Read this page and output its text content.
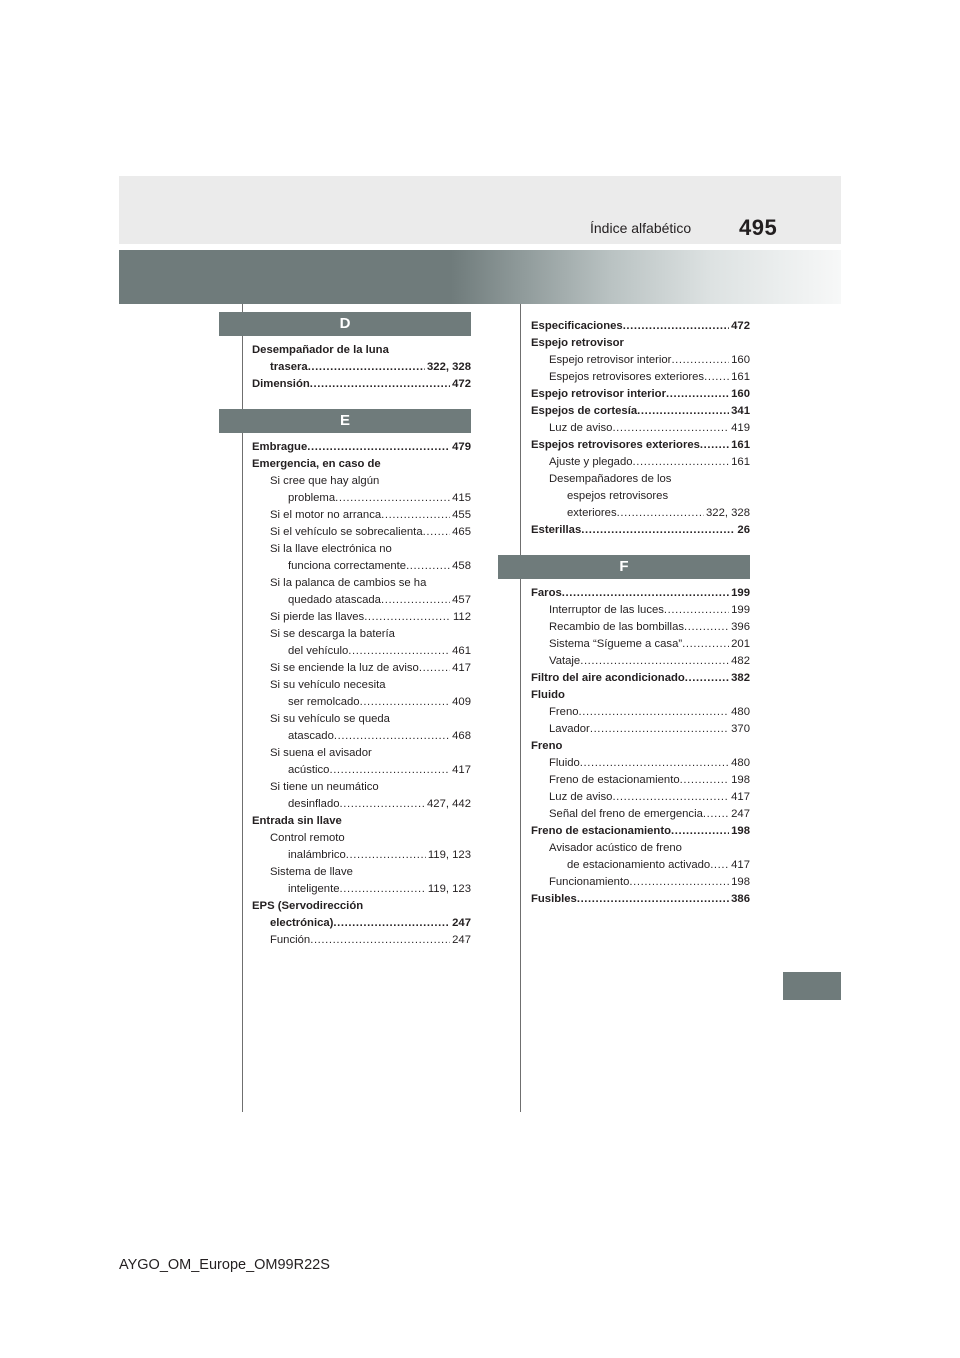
Índice alfabético 495
D
Desempañador de la luna
trasera .....	322, 328
Dimensión .....	472
E
Embrague .....	479
Emergencia, en caso de
Si cree que hay algún
problema .....	415
Si el motor no arranca .....	455
Si el vehículo se sobrecalienta .....	465
Si la llave electrónica no
funciona correctamente .....	458
Si la palanca de cambios se ha
quedado atascada .....	457
Si pierde las llaves .....	112
Si se descarga la batería
del vehículo .....	461
Si se enciende la luz de aviso .....	417
Si su vehículo necesita
ser remolcado .....	409
Si su vehículo se queda
atascado .....	468
Si suena el avisador
acústico .....	417
Si tiene un neumático
desinflado .....	427, 442
Entrada sin llave
Control remoto
inalámbrico .....	119, 123
Sistema de llave
inteligente .....	119, 123
EPS (Servodirección
electrónica) .....	247
Función .....	247
Especificaciones .....	472
Espejo retrovisor
Espejo retrovisor interior .....	160
Espejos retrovisores exteriores ..... 161
Espejo retrovisor interior .....	160
Espejos de cortesía .....	341
Luz de aviso .....	419
Espejos retrovisores exteriores .....	161
Ajuste y plegado .....	161
Desempañadores de los
espejos retrovisores
exteriores .....	322, 328
Esterillas .....	26
F
Faros .....	199
Interruptor de las luces .....	199
Recambio de las bombillas .....	396
Sistema “Sígueme a casa” .....	201
Vataje .....	482
Filtro del aire acondicionado .....	382
Fluido
Freno .....	480
Lavador .....	370
Freno
Fluido .....	480
Freno de estacionamiento .....	198
Luz de aviso .....	417
Señal del freno de emergencia .....	247
Freno de estacionamiento .....	198
Avisador acústico de freno
de estacionamiento activado ..... 417
Funcionamiento .....	198
Fusibles .....	386
AYGO_OM_Europe_OM99R22S
